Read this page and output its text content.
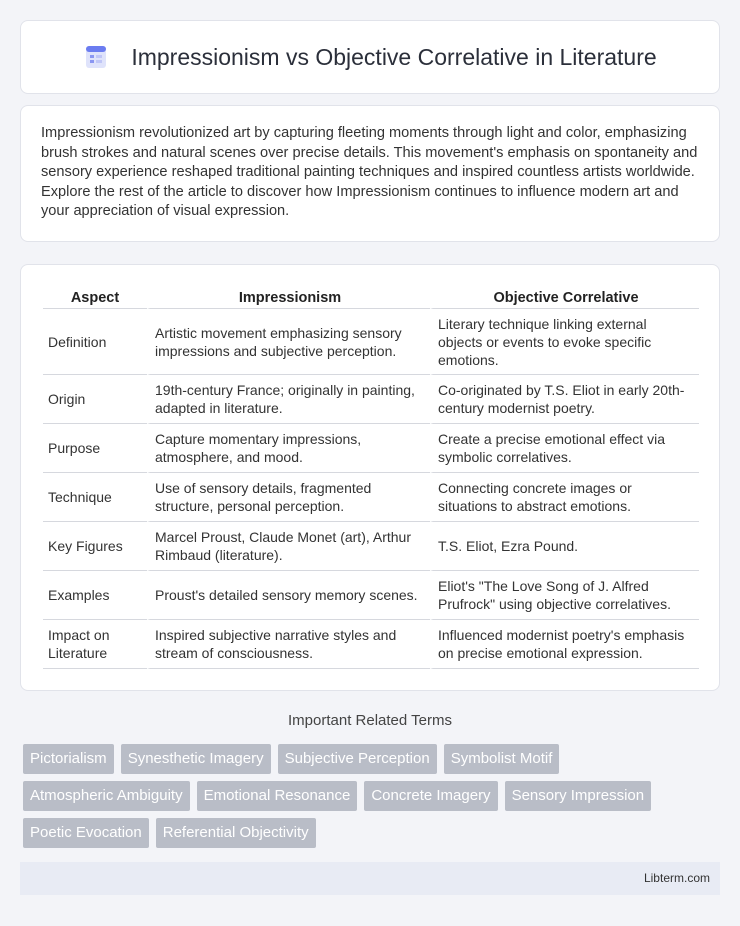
Impressionism vs Objective Correlative in Literature

Impressionism revolutionized art by capturing fleeting moments through light and color, emphasizing brush strokes and natural scenes over precise details. This movement's emphasis on spontaneity and sensory experience reshaped traditional painting techniques and inspired countless artists worldwide. Explore the rest of the article to discover how Impressionism continues to influence modern art and your appreciation of visual expression.

Aspect	Impressionism	Objective Correlative
Definition	Artistic movement emphasizing sensory impressions and subjective perception.	Literary technique linking external objects or events to evoke specific emotions.
Origin	19th-century France; originally in painting, adapted in literature.	Co-originated by T.S. Eliot in early 20th-century modernist poetry.
Purpose	Capture momentary impressions, atmosphere, and mood.	Create a precise emotional effect via symbolic correlatives.
Technique	Use of sensory details, fragmented structure, personal perception.	Connecting concrete images or situations to abstract emotions.
Key Figures	Marcel Proust, Claude Monet (art), Arthur Rimbaud (literature).	T.S. Eliot, Ezra Pound.
Examples	Proust's detailed sensory memory scenes.	Eliot's "The Love Song of J. Alfred Prufrock" using objective correlatives.
Impact on Literature	Inspired subjective narrative styles and stream of consciousness.	Influenced modernist poetry's emphasis on precise emotional expression.
Important Related Terms
Pictorialism	Synesthetic Imagery	Subjective Perception	Symbolist Motif
Atmospheric Ambiguity	Emotional Resonance	Concrete Imagery	Sensory Impression
Poetic Evocation	Referential Objectivity
Libterm.com
